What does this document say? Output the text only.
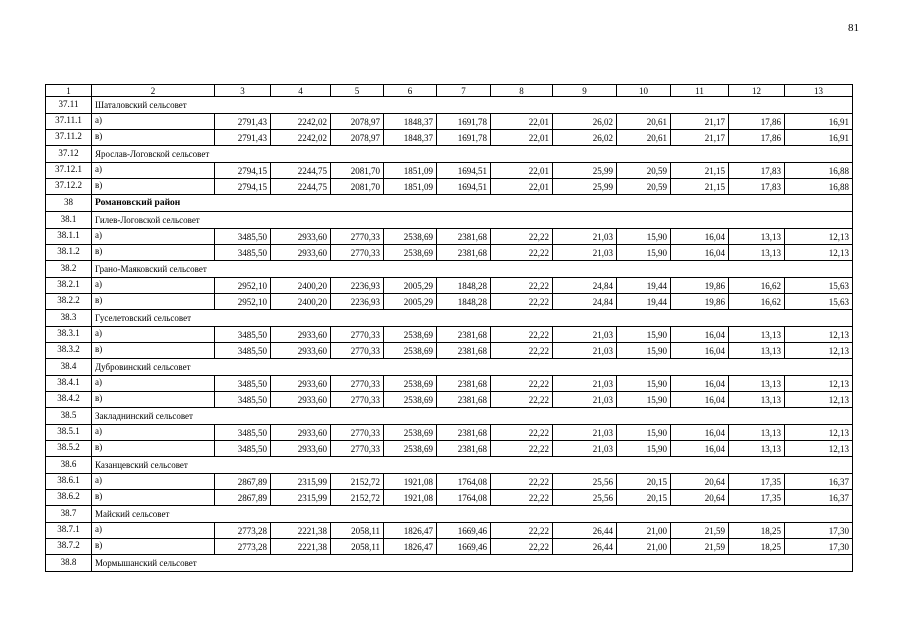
81
1	2	3	4	5	6	7	8	9	10	11	12	13
37.11	Шаталовский сельсовет											
37.11.1	а)	2791,43	2242,02	2078,97	1848,37	1691,78	22,01	26,02	20,61	21,17	17,86	16,91
37.11.2	в)	2791,43	2242,02	2078,97	1848,37	1691,78	22,01	26,02	20,61	21,17	17,86	16,91
37.12	Ярослав-Логовской сельсовет											
37.12.1	а)	2794,15	2244,75	2081,70	1851,09	1694,51	22,01	25,99	20,59	21,15	17,83	16,88
37.12.2	в)	2794,15	2244,75	2081,70	1851,09	1694,51	22,01	25,99	20,59	21,15	17,83	16,88
38	Романовский район											
38.1	Гилев-Логовской сельсовет											
38.1.1	а)	3485,50	2933,60	2770,33	2538,69	2381,68	22,22	21,03	15,90	16,04	13,13	12,13
38.1.2	в)	3485,50	2933,60	2770,33	2538,69	2381,68	22,22	21,03	15,90	16,04	13,13	12,13
38.2	Грано-Маяковский сельсовет											
38.2.1	а)	2952,10	2400,20	2236,93	2005,29	1848,28	22,22	24,84	19,44	19,86	16,62	15,63
38.2.2	в)	2952,10	2400,20	2236,93	2005,29	1848,28	22,22	24,84	19,44	19,86	16,62	15,63
38.3	Гуселетовский сельсовет											
38.3.1	а)	3485,50	2933,60	2770,33	2538,69	2381,68	22,22	21,03	15,90	16,04	13,13	12,13
38.3.2	в)	3485,50	2933,60	2770,33	2538,69	2381,68	22,22	21,03	15,90	16,04	13,13	12,13
38.4	Дубровинский сельсовет											
38.4.1	а)	3485,50	2933,60	2770,33	2538,69	2381,68	22,22	21,03	15,90	16,04	13,13	12,13
38.4.2	в)	3485,50	2933,60	2770,33	2538,69	2381,68	22,22	21,03	15,90	16,04	13,13	12,13
38.5	Закладнинский сельсовет											
38.5.1	а)	3485,50	2933,60	2770,33	2538,69	2381,68	22,22	21,03	15,90	16,04	13,13	12,13
38.5.2	в)	3485,50	2933,60	2770,33	2538,69	2381,68	22,22	21,03	15,90	16,04	13,13	12,13
38.6	Казанцевский сельсовет											
38.6.1	а)	2867,89	2315,99	2152,72	1921,08	1764,08	22,22	25,56	20,15	20,64	17,35	16,37
38.6.2	в)	2867,89	2315,99	2152,72	1921,08	1764,08	22,22	25,56	20,15	20,64	17,35	16,37
38.7	Майский сельсовет											
38.7.1	а)	2773,28	2221,38	2058,11	1826,47	1669,46	22,22	26,44	21,00	21,59	18,25	17,30
38.7.2	в)	2773,28	2221,38	2058,11	1826,47	1669,46	22,22	26,44	21,00	21,59	18,25	17,30
38.8	Мормышанский сельсовет											
